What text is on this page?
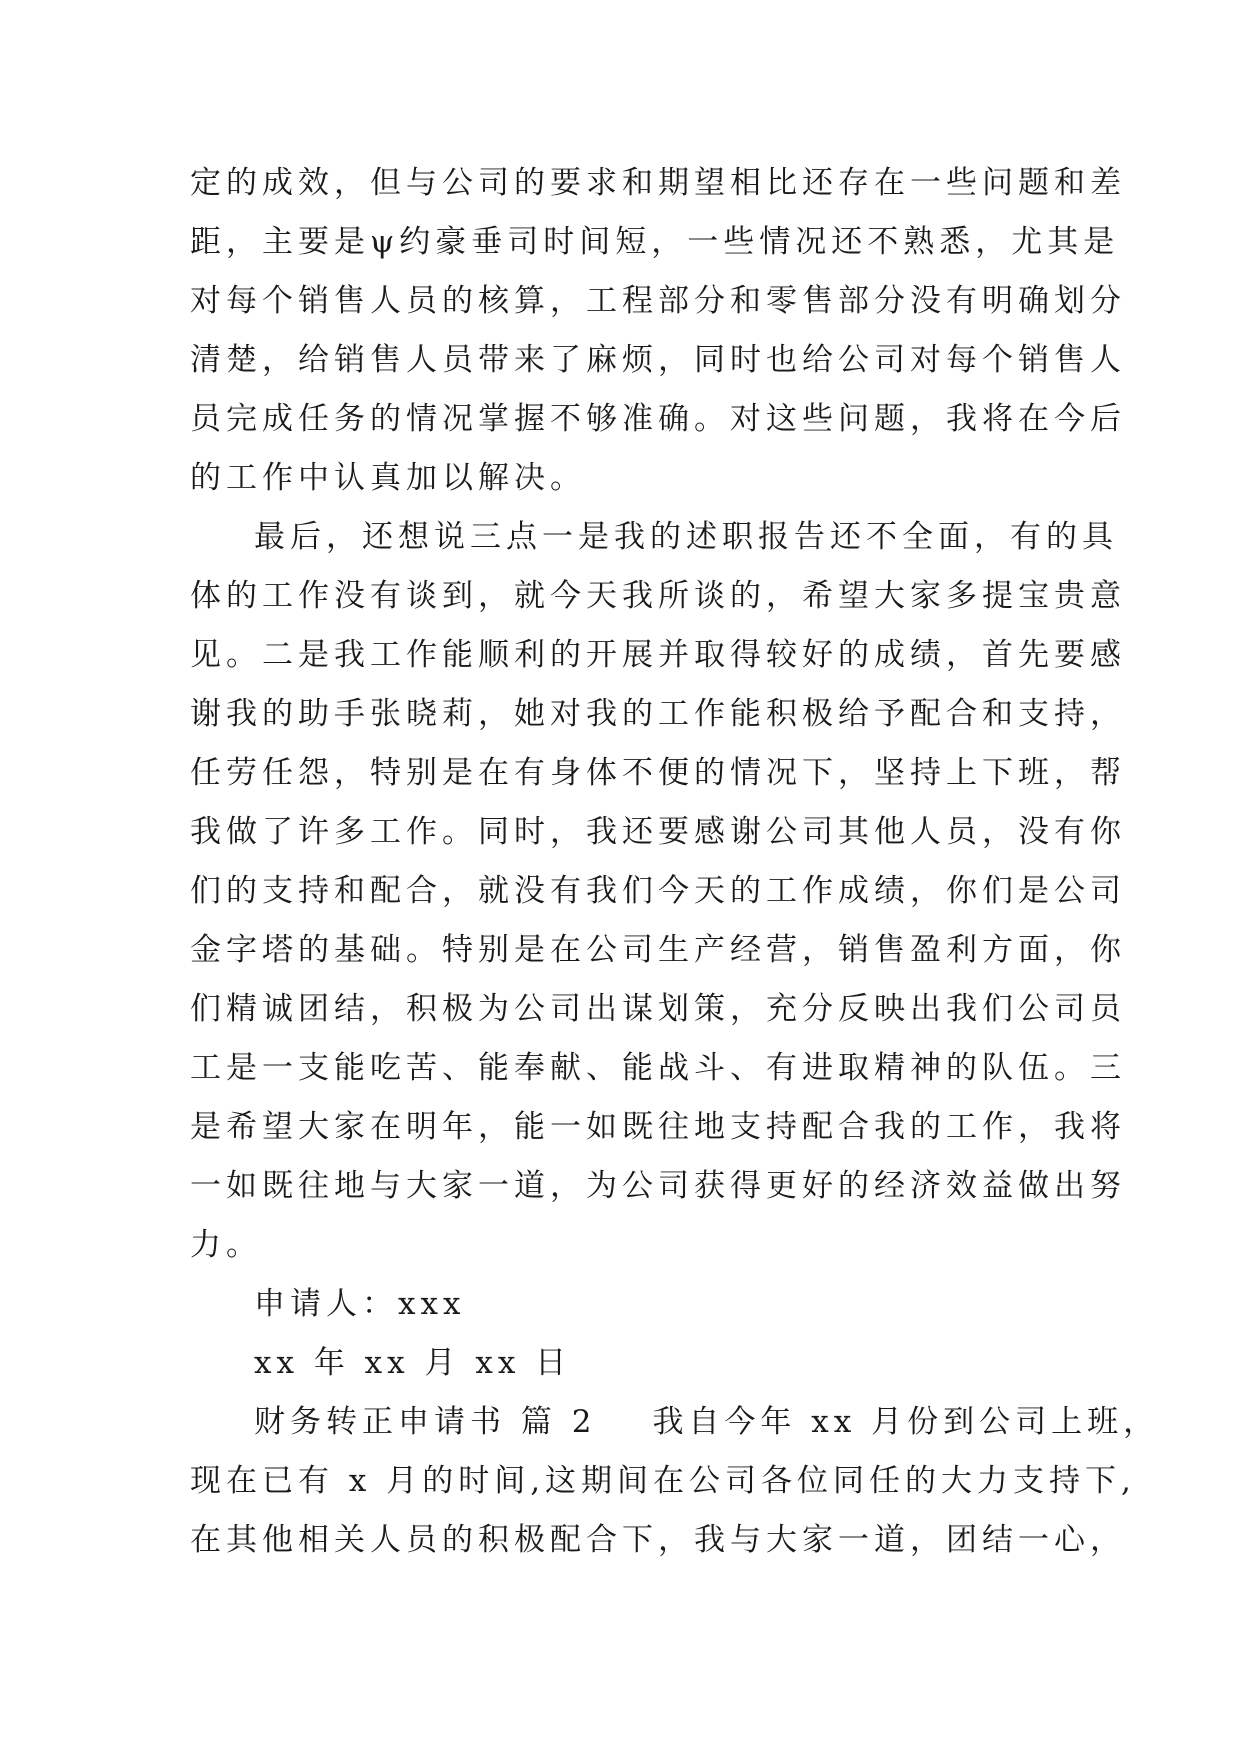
定的成效，但与公司的要求和期望相比还存在一些问题和差
距，主要是ψ约豪垂司时间短，一些情况还不熟悉，尤其是
对每个销售人员的核算，工程部分和零售部分没有明确划分
清楚，给销售人员带来了麻烦，同时也给公司对每个销售人
员完成任务的情况掌握不够准确。对这些问题，我将在今后
的工作中认真加以解决。
最后，还想说三点一是我的述职报告还不全面，有的具
体的工作没有谈到，就今天我所谈的，希望大家多提宝贵意
见。二是我工作能顺利的开展并取得较好的成绩，首先要感
谢我的助手张晓莉，她对我的工作能积极给予配合和支持，
任劳任怨，特别是在有身体不便的情况下，坚持上下班，帮
我做了许多工作。同时，我还要感谢公司其他人员，没有你
们的支持和配合，就没有我们今天的工作成绩，你们是公司
金字塔的基础。特别是在公司生产经营，销售盈利方面，你
们精诚团结，积极为公司出谋划策，充分反映出我们公司员
工是一支能吃苦、能奉献、能战斗、有进取精神的队伍。三
是希望大家在明年，能一如既往地支持配合我的工作，我将
一如既往地与大家一道，为公司获得更好的经济效益做出努
力。
申请人：xxx
xx 年 xx 月 xx 日
财务转正申请书 篇 2 我自今年 xx 月份到公司上班，
现在已有 x 月的时间,这期间在公司各位同任的大力支持下,
在其他相关人员的积极配合下，我与大家一道，团结一心，
